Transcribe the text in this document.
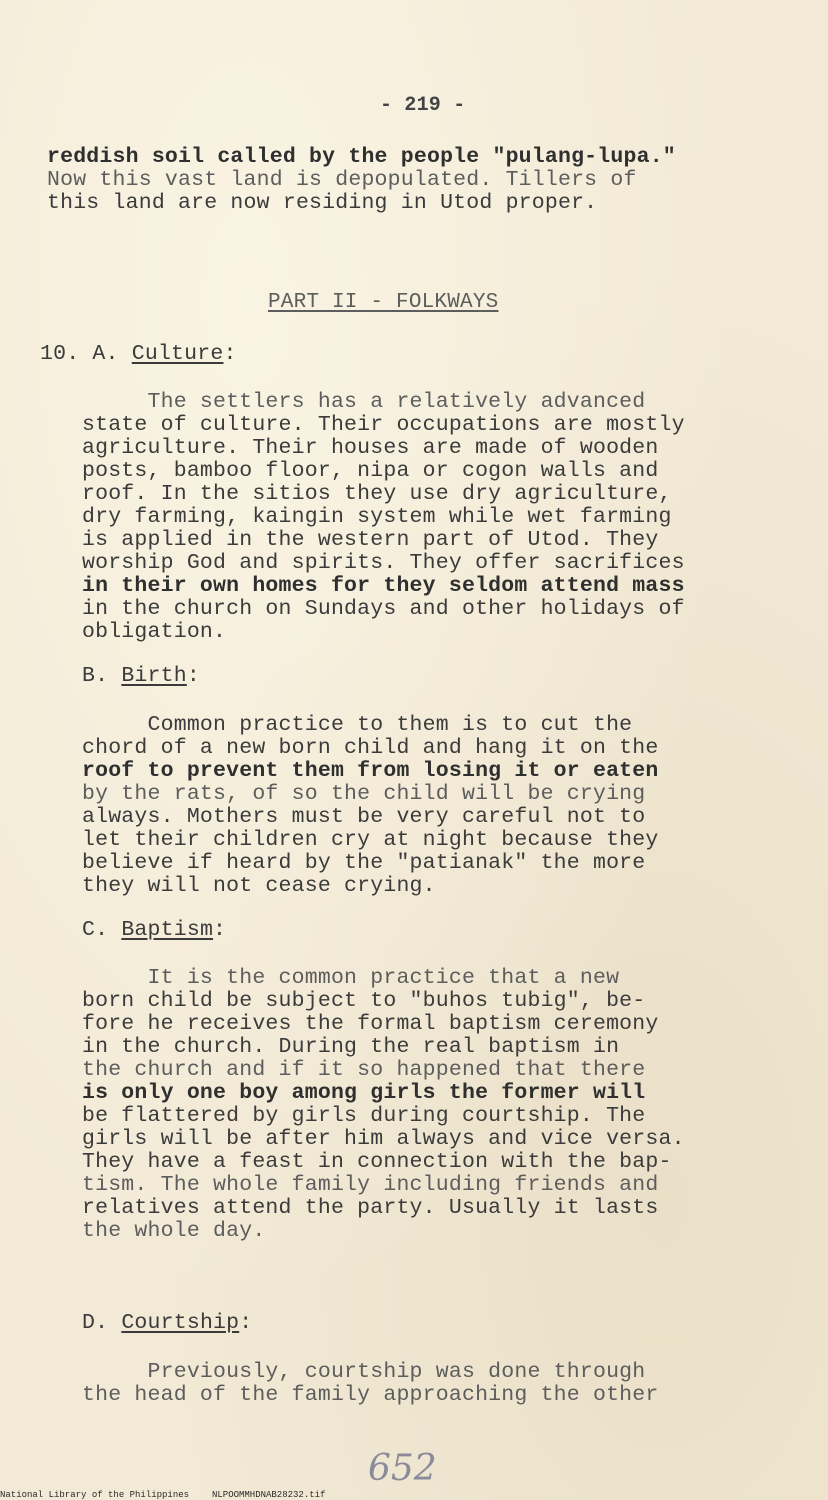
- 219 -
reddish soil called by the people "pulang-lupa."
Now this vast land is depopulated. Tillers of
this land are now residing in Utod proper.
PART II - FOLKWAYS
10. A. Culture:
The settlers has a relatively advanced
state of culture. Their occupations are mostly
agriculture. Their houses are made of wooden
posts, bamboo floor, nipa or cogon walls and
roof. In the sitios they use dry agriculture,
dry farming, kaingin system while wet farming
is applied in the western part of Utod. They
worship God and spirits. They offer sacrifices
in their own homes for they seldom attend mass
in the church on Sundays and other holidays of
obligation.
B. Birth:
Common practice to them is to cut the
chord of a new born child and hang it on the
roof to prevent them from losing it or eaten
by the rats, of so the child will be crying
always. Mothers must be very careful not to
let their children cry at night because they
believe if heard by the "patianak" the more
they will not cease crying.
C. Baptism:
It is the common practice that a new
born child be subject to "buhos tubig", be-
fore he receives the formal baptism ceremony
in the church. During the real baptism in
the church and if it so happened that there
is only one boy among girls the former will
be flattered by girls during courtship. The
girls will be after him always and vice versa.
They have a feast in connection with the bap-
tism. The whole family including friends and
relatives attend the party. Usually it lasts
the whole day.
D. Courtship:
Previously, courtship was done through
the head of the family approaching the other
652
National Library of the Philippines	NLPOOMMHDNAB28232.tif
